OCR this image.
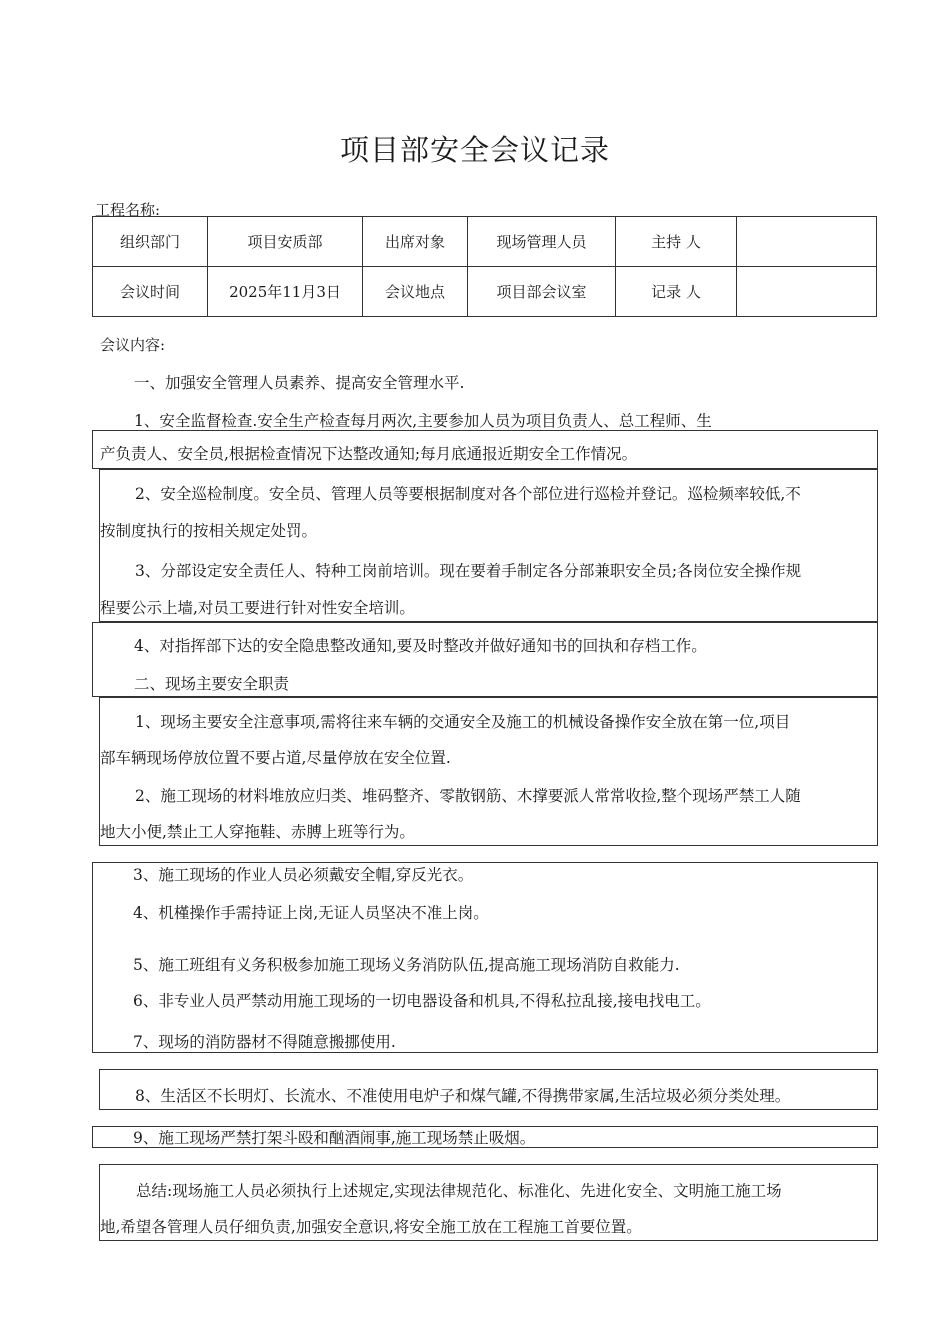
项目部安全会议记录
工程名称:
组织部门	项目安质部	出席对象	现场管理人员	主持 人	
会议时间	2025年11月3日	会议地点	项目部会议室	记录 人	
会议内容:
一、加强安全管理人员素养、提高安全管理水平.
1、安全监督检查.安全生产检查每月两次,主要参加人员为项目负责人、总工程师、生
产负责人、安全员,根据检查情况下达整改通知;每月底通报近期安全工作情况。
2、安全巡检制度。安全员、管理人员等要根据制度对各个部位进行巡检并登记。巡检频率较低,不
按制度执行的按相关规定处罚。
3、分部设定安全责任人、特种工岗前培训。现在要着手制定各分部兼职安全员;各岗位安全操作规
程要公示上墙,对员工要进行针对性安全培训。
4、对指挥部下达的安全隐患整改通知,要及时整改并做好通知书的回执和存档工作。
二、现场主要安全职责
1、现场主要安全注意事项,需将往来车辆的交通安全及施工的机械设备操作安全放在第一位,项目
部车辆现场停放位置不要占道,尽量停放在安全位置.
2、施工现场的材料堆放应归类、堆码整齐、零散钢筋、木撑要派人常常收捡,整个现场严禁工人随
地大小便,禁止工人穿拖鞋、赤膊上班等行为。
3、施工现场的作业人员必须戴安全帽,穿反光衣。
4、机槿操作手需持证上岗,无证人员坚决不准上岗。
5、施工班组有义务积极参加施工现场义务消防队伍,提高施工现场消防自救能力.
6、非专业人员严禁动用施工现场的一切电器设备和机具,不得私拉乱接,接电找电工。
7、现场的消防器材不得随意搬挪使用.
8、生活区不长明灯、长流水、不准使用电炉子和煤气罐,不得携带家属,生活垃圾必须分类处理。
9、施工现场严禁打架斗殴和酗酒闹事,施工现场禁止吸烟。
总结:现场施工人员必须执行上述规定,实现法律规范化、标准化、先进化安全、文明施工施工场
地,希望各管理人员仔细负责,加强安全意识,将安全施工放在工程施工首要位置。
